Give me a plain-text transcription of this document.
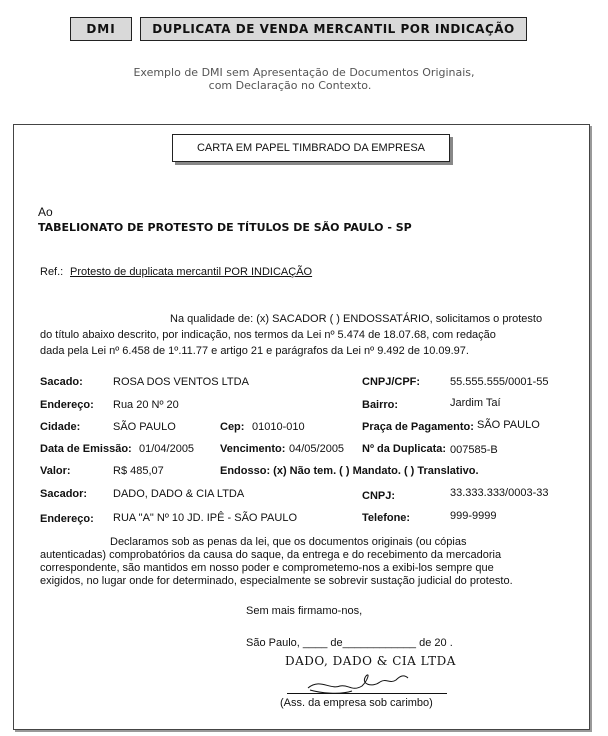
DMI	DUPLICATA DE VENDA MERCANTIL POR INDICAÇÃO
Exemplo de DMI sem Apresentação de Documentos Originais,
com Declaração no Contexto.
CARTA EM PAPEL TIMBRADO DA EMPRESA
Ao
TABELIONATO DE PROTESTO DE TÍTULOS DE SÃO PAULO - SP
Ref.: Protesto de duplicata mercantil POR INDICAÇÃO
Na qualidade de: (x) SACADOR ( ) ENDOSSATÁRIO, solicitamos o protesto
do título abaixo descrito, por indicação, nos termos da Lei nº 5.474 de 18.07.68, com redação
dada pela Lei nº 6.458 de 1º.11.77 e artigo 21 e parágrafos da Lei nº 9.492 de 10.09.97.
Sacado:	ROSA DOS VENTOS LTDA	CNPJ/CPF:	55.555.555/0001-55
Endereço: Rua 20 Nº 20	Bairro:	Jardim Taí
Cidade:	SÃO PAULO	Cep: 01010-010	Praça de Pagamento: SÃO PAULO
Data de Emissão: 01/04/2005 Vencimento: 04/05/2005 Nº da Duplicata: 007585-B
Valor:	R$ 485,07	Endosso: (x) Não tem. ( ) Mandato. ( ) Translativo.
Sacador: DADO, DADO & CIA LTDA	CNPJ:	33.333.333/0003-33
Endereço: RUA "A" Nº 10 JD. IPÊ - SÃO PAULO	Telefone:	999-9999
Declaramos sob as penas da lei, que os documentos originais (ou cópias
autenticadas) comprobatórios da causa do saque, da entrega e do recebimento da mercadoria
correspondente, são mantidos em nosso poder e comprometemo-nos a exibi-los sempre que
exigidos, no lugar onde for determinado, especialmente se sobrevir sustação judicial do protesto.
Sem mais firmamo-nos,
São Paulo, ____ de____________ de 20 .
DADO, DADO & CIA LTDA
(Ass. da empresa sob carimbo)
